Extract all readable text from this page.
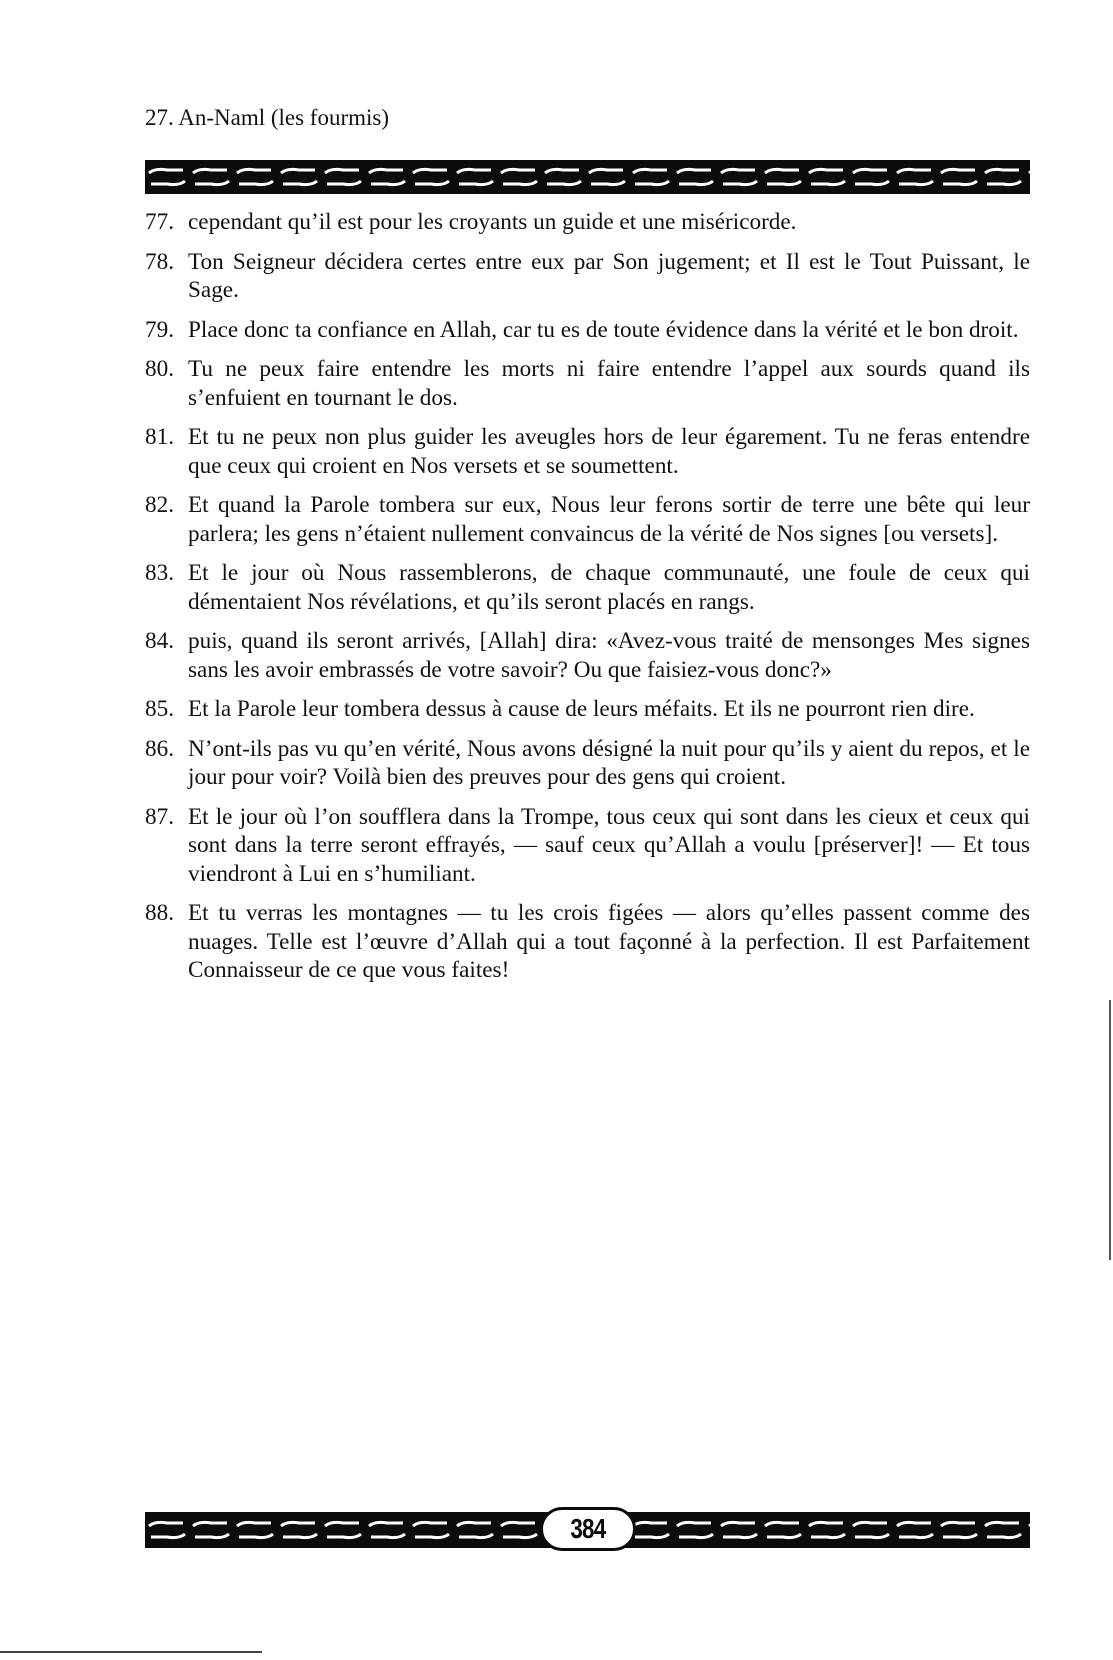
27. An-Naml (les fourmis)
77. cependant qu’il est pour les croyants un guide et une miséricorde.
78. Ton Seigneur décidera certes entre eux par Son jugement; et Il est le Tout Puissant, le Sage.
79. Place donc ta confiance en Allah, car tu es de toute évidence dans la vérité et le bon droit.
80. Tu ne peux faire entendre les morts ni faire entendre l’appel aux sourds quand ils s’enfuient en tournant le dos.
81. Et tu ne peux non plus guider les aveugles hors de leur égarement. Tu ne feras entendre que ceux qui croient en Nos versets et se soumettent.
82. Et quand la Parole tombera sur eux, Nous leur ferons sortir de terre une bête qui leur parlera; les gens n’étaient nullement convaincus de la vérité de Nos signes [ou versets].
83. Et le jour où Nous rassemblerons, de chaque communauté, une foule de ceux qui démentaient Nos révélations, et qu’ils seront placés en rangs.
84. puis, quand ils seront arrivés, [Allah] dira: «Avez-vous traité de mensonges Mes signes sans les avoir embrassés de votre savoir? Ou que faisiez-vous donc?»
85. Et la Parole leur tombera dessus à cause de leurs méfaits. Et ils ne pourront rien dire.
86. N’ont-ils pas vu qu’en vérité, Nous avons désigné la nuit pour qu’ils y aient du repos, et le jour pour voir? Voilà bien des preuves pour des gens qui croient.
87. Et le jour où l’on soufflera dans la Trompe, tous ceux qui sont dans les cieux et ceux qui sont dans la terre seront effrayés, — sauf ceux qu’Allah a voulu [préserver]! — Et tous viendront à Lui en s’humiliant.
88. Et tu verras les montagnes — tu les crois figées — alors qu’elles passent comme des nuages. Telle est l’œuvre d’Allah qui a tout façonné à la perfection. Il est Parfaitement Connaisseur de ce que vous faites!
384
